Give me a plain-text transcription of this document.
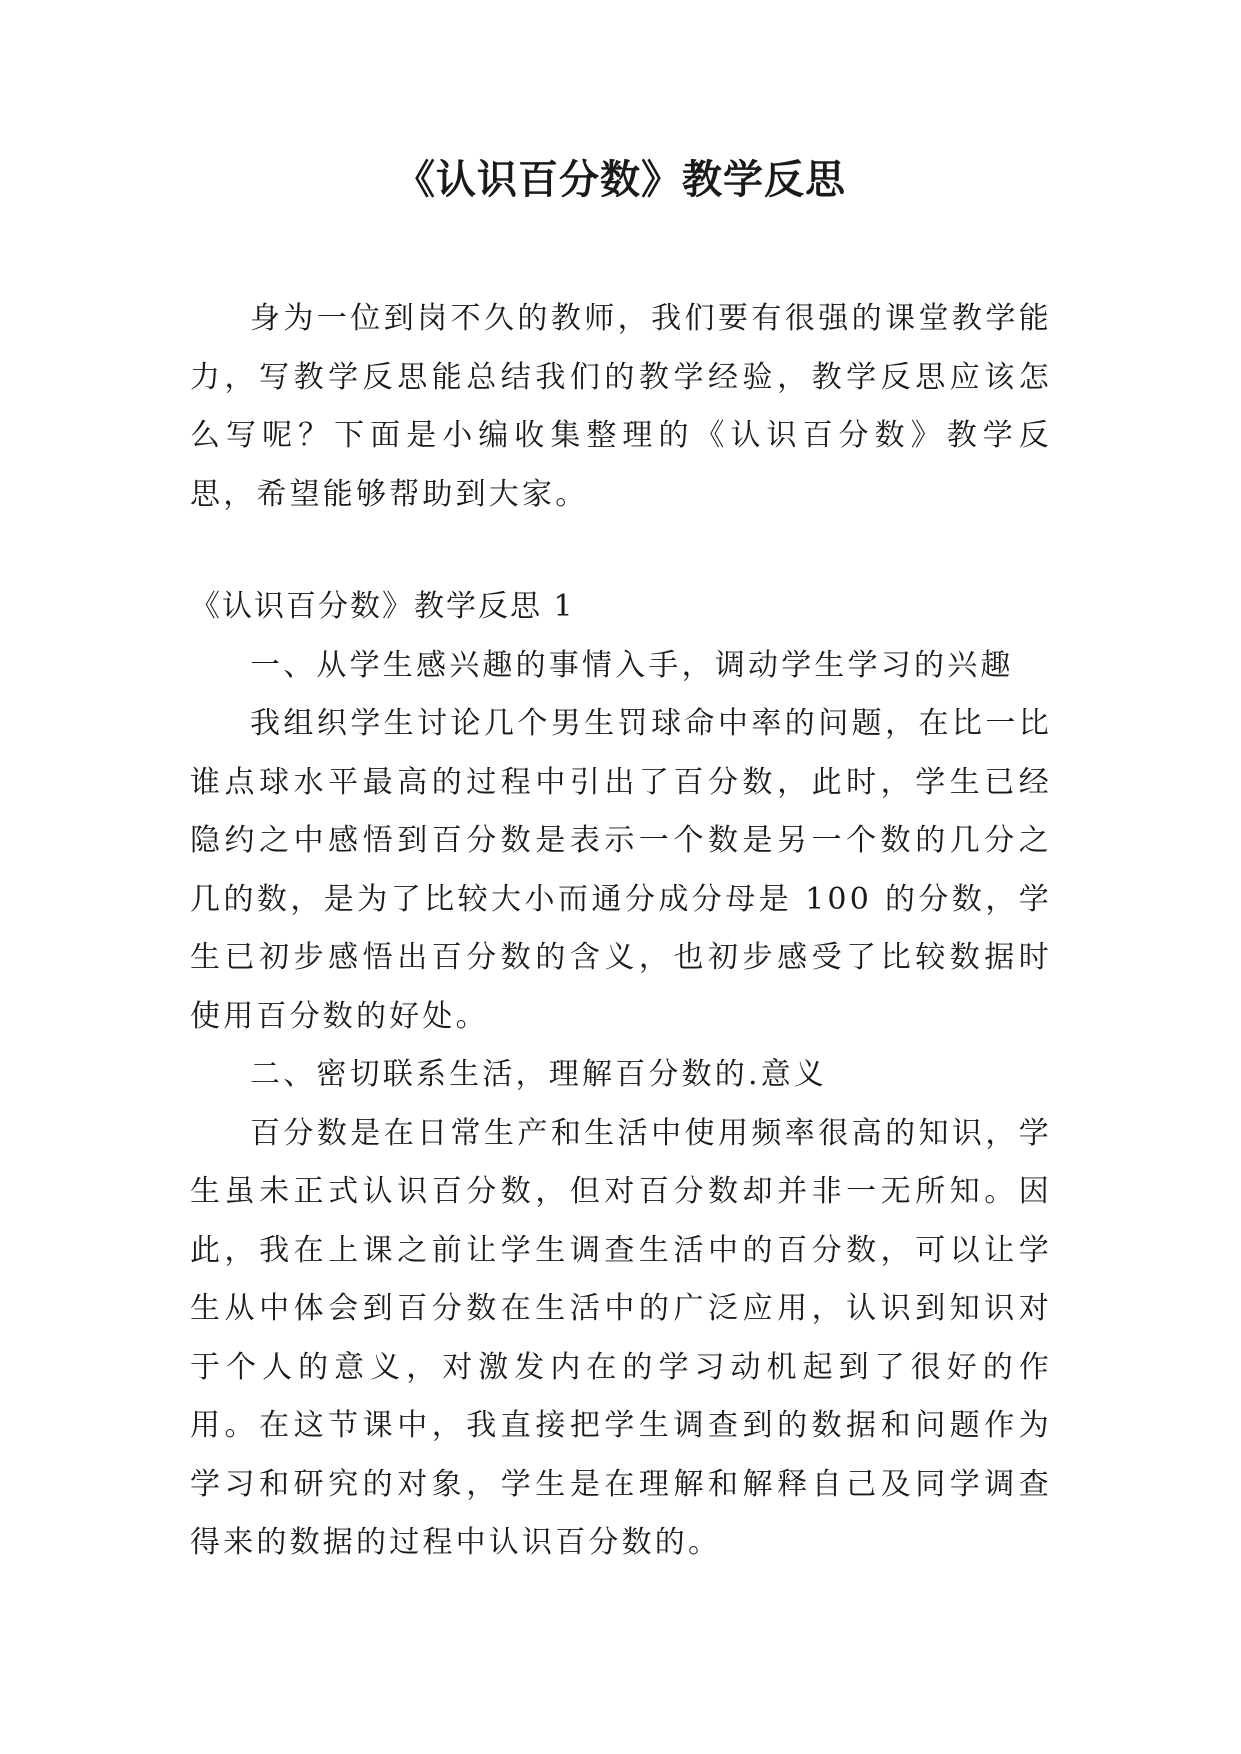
《认识百分数》教学反思

身为一位到岗不久的教师，我们要有很强的课堂教学能力，写教学反思能总结我们的教学经验，教学反思应该怎么写呢？下面是小编收集整理的《认识百分数》教学反思，希望能够帮助到大家。

《认识百分数》教学反思 1

一、从学生感兴趣的事情入手，调动学生学习的兴趣

我组织学生讨论几个男生罚球命中率的问题，在比一比谁点球水平最高的过程中引出了百分数，此时，学生已经隐约之中感悟到百分数是表示一个数是另一个数的几分之几的数，是为了比较大小而通分成分母是 100 的分数，学生已初步感悟出百分数的含义，也初步感受了比较数据时使用百分数的好处。

二、密切联系生活，理解百分数的.意义

百分数是在日常生产和生活中使用频率很高的知识，学生虽未正式认识百分数，但对百分数却并非一无所知。因此，我在上课之前让学生调查生活中的百分数，可以让学生从中体会到百分数在生活中的广泛应用，认识到知识对于个人的意义，对激发内在的学习动机起到了很好的作用。在这节课中，我直接把学生调查到的数据和问题作为学习和研究的对象，学生是在理解和解释自己及同学调查得来的数据的过程中认识百分数的。
